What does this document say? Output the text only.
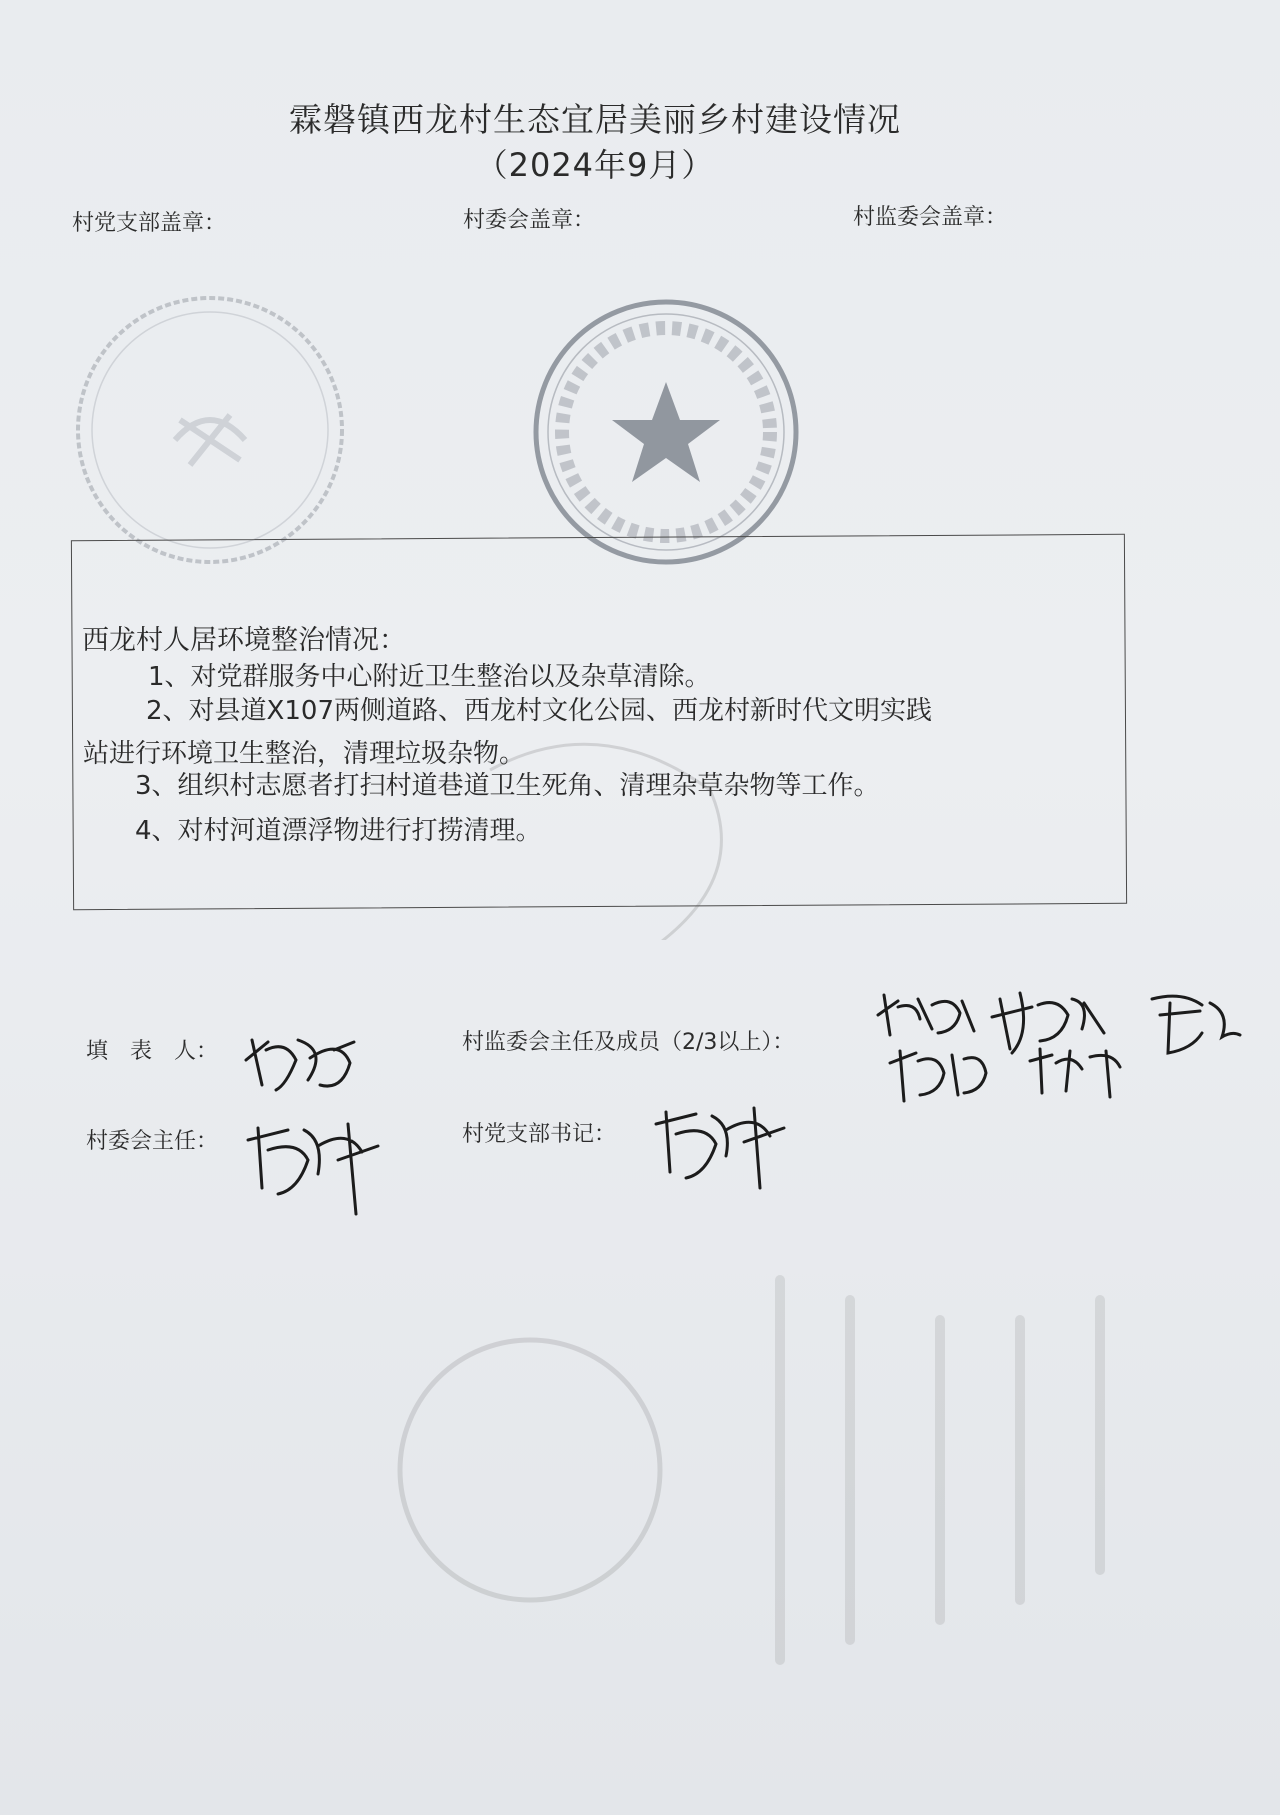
霖磐镇西龙村生态宜居美丽乡村建设情况
（2024年9月）
村党支部盖章：	村委会盖章：	村监委会盖章：
西龙村人居环境整治情况：
1、对党群服务中心附近卫生整治以及杂草清除。
2、对县道X107两侧道路、西龙村文化公园、西龙村新时代文明实践
站进行环境卫生整治，清理垃圾杂物。
3、组织村志愿者打扫村道巷道卫生死角、清理杂草杂物等工作。
4、对村河道漂浮物进行打捞清理。
填　表　人：	村监委会主任及成员（2/3以上）：
村委会主任：	村党支部书记：
